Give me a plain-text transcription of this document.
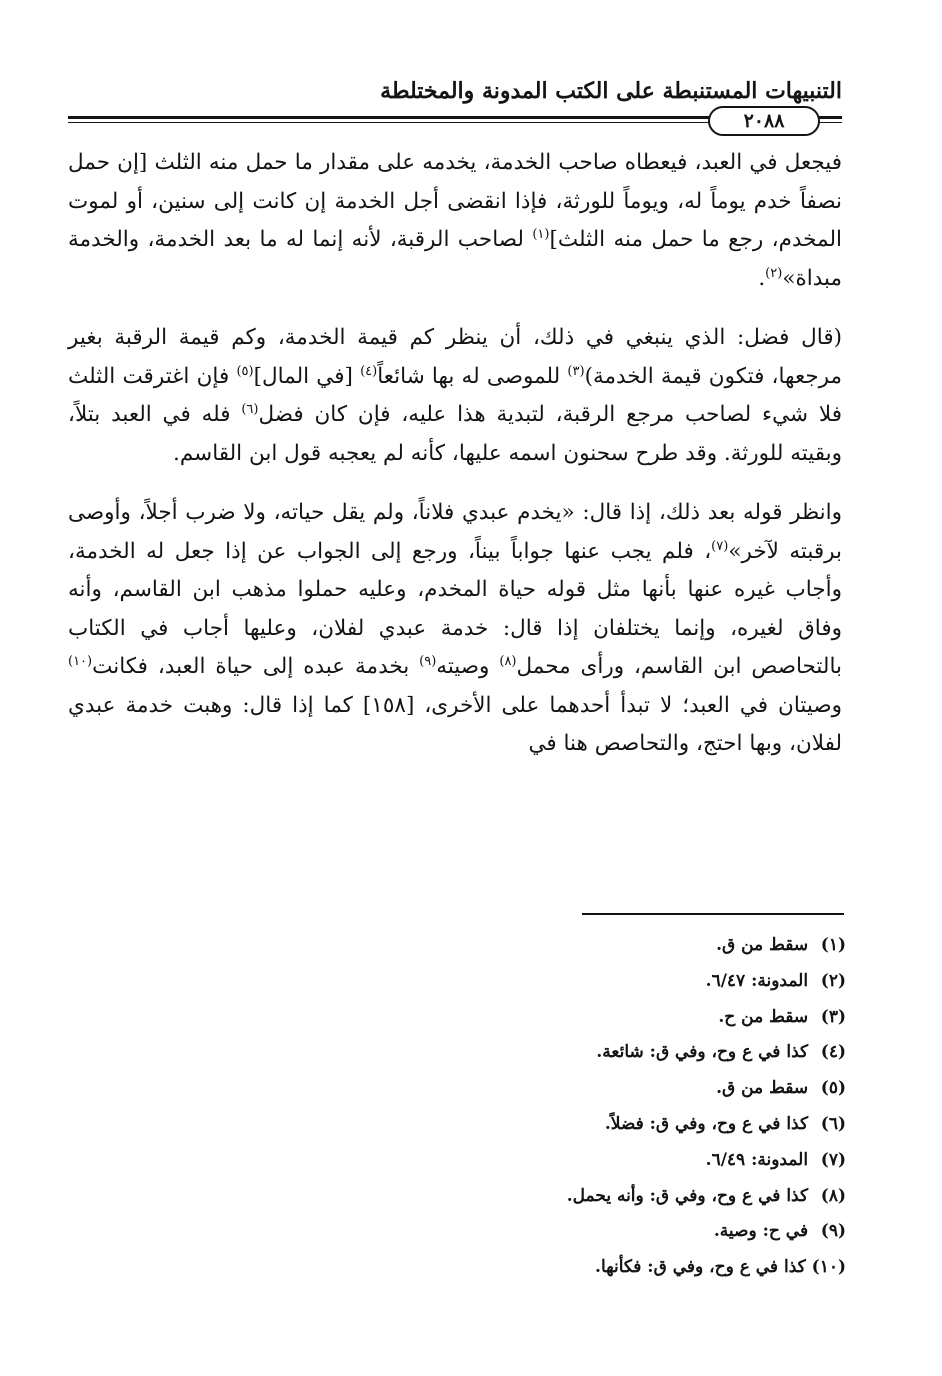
التنبيهات المستنبطة على الكتب المدونة والمختلطة
٢٠٨٨

فيجعل في العبد، فيعطاه صاحب الخدمة، يخدمه على مقدار ما حمل منه الثلث [إن حمل نصفاً خدم يوماً له، ويوماً للورثة، فإذا انقضى أجل الخدمة إن كانت إلى سنين، أو لموت المخدم، رجع ما حمل منه الثلث]$^{(١)}$ لصاحب الرقبة، لأنه إنما له ما بعد الخدمة، والخدمة مبداة»$^{(٢)}$.

(قال فضل: الذي ينبغي في ذلك، أن ينظر كم قيمة الخدمة، وكم قيمة الرقبة بغير مرجعها، فتكون قيمة الخدمة)$^{(٣)}$ للموصى له بها شائعاً$^{(٤)}$ [في المال]$^{(٥)}$ فإن اغترقت الثلث فلا شيء لصاحب مرجع الرقبة، لتبدية هذا عليه، فإن كان فضل$^{(٦)}$ فله في العبد بتلاً، وبقيته للورثة. وقد طرح سحنون اسمه عليها، كأنه لم يعجبه قول ابن القاسم.

وانظر قوله بعد ذلك، إذا قال: «يخدم عبدي فلاناً، ولم يقل حياته، ولا ضرب أجلاً، وأوصى برقبته لآخر»$^{(٧)}$، فلم يجب عنها جواباً بيناً، ورجع إلى الجواب عن إذا جعل له الخدمة، وأجاب غيره عنها بأنها مثل قوله حياة المخدم، وعليه حملوا مذهب ابن القاسم، وأنه وفاق لغيره، وإنما يختلفان إذا قال: خدمة عبدي لفلان، وعليها أجاب في الكتاب بالتحاصص ابن القاسم، ورأى محمل$^{(٨)}$ وصيته$^{(٩)}$ بخدمة عبده إلى حياة العبد، فكانت$^{(١٠)}$ وصيتان في العبد؛ لا تبدأ أحدهما على الأخرى، [١٥٨] كما إذا قال: وهبت خدمة عبدي لفلان، وبها احتج، والتحاصص هنا في

(١) سقط من ق.
(٢) المدونة: ٦/٤٧.
(٣) سقط من ح.
(٤) كذا في ع وح، وفي ق: شائعة.
(٥) سقط من ق.
(٦) كذا في ع وح، وفي ق: فضلاً.
(٧) المدونة: ٦/٤٩.
(٨) كذا في ع وح، وفي ق: وأنه يحمل.
(٩) في ح: وصية.
(١٠) كذا في ع وح، وفي ق: فكأنها.
